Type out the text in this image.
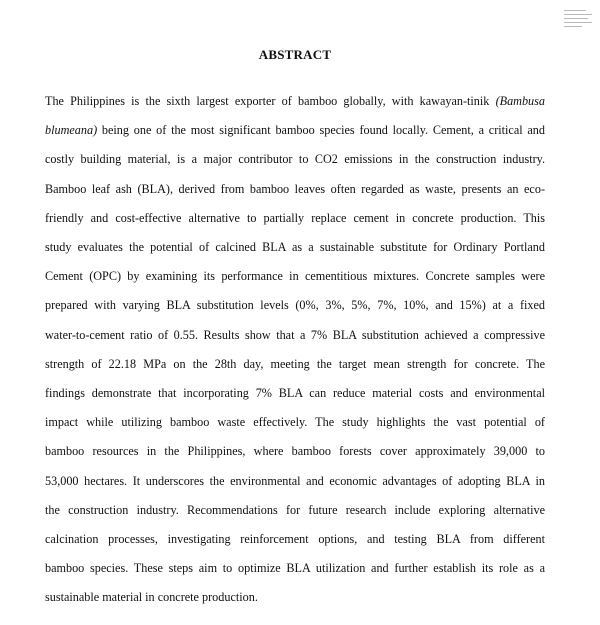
ABSTRACT
The Philippines is the sixth largest exporter of bamboo globally, with kawayan-tinik (Bambusa
blumeana) being one of the most significant bamboo species found locally. Cement, a critical and
costly building material, is a major contributor to CO2 emissions in the construction industry.
Bamboo leaf ash (BLA), derived from bamboo leaves often regarded as waste, presents an eco-
friendly and cost-effective alternative to partially replace cement in concrete production. This
study evaluates the potential of calcined BLA as a sustainable substitute for Ordinary Portland
Cement (OPC) by examining its performance in cementitious mixtures. Concrete samples were
prepared with varying BLA substitution levels (0%, 3%, 5%, 7%, 10%, and 15%) at a fixed
water-to-cement ratio of 0.55. Results show that a 7% BLA substitution achieved a compressive
strength of 22.18 MPa on the 28th day, meeting the target mean strength for concrete. The
findings demonstrate that incorporating 7% BLA can reduce material costs and environmental
impact while utilizing bamboo waste effectively. The study highlights the vast potential of
bamboo resources in the Philippines, where bamboo forests cover approximately 39,000 to
53,000 hectares. It underscores the environmental and economic advantages of adopting BLA in
the construction industry. Recommendations for future research include exploring alternative
calcination processes, investigating reinforcement options, and testing BLA from different
bamboo species. These steps aim to optimize BLA utilization and further establish its role as a
sustainable material in concrete production.
